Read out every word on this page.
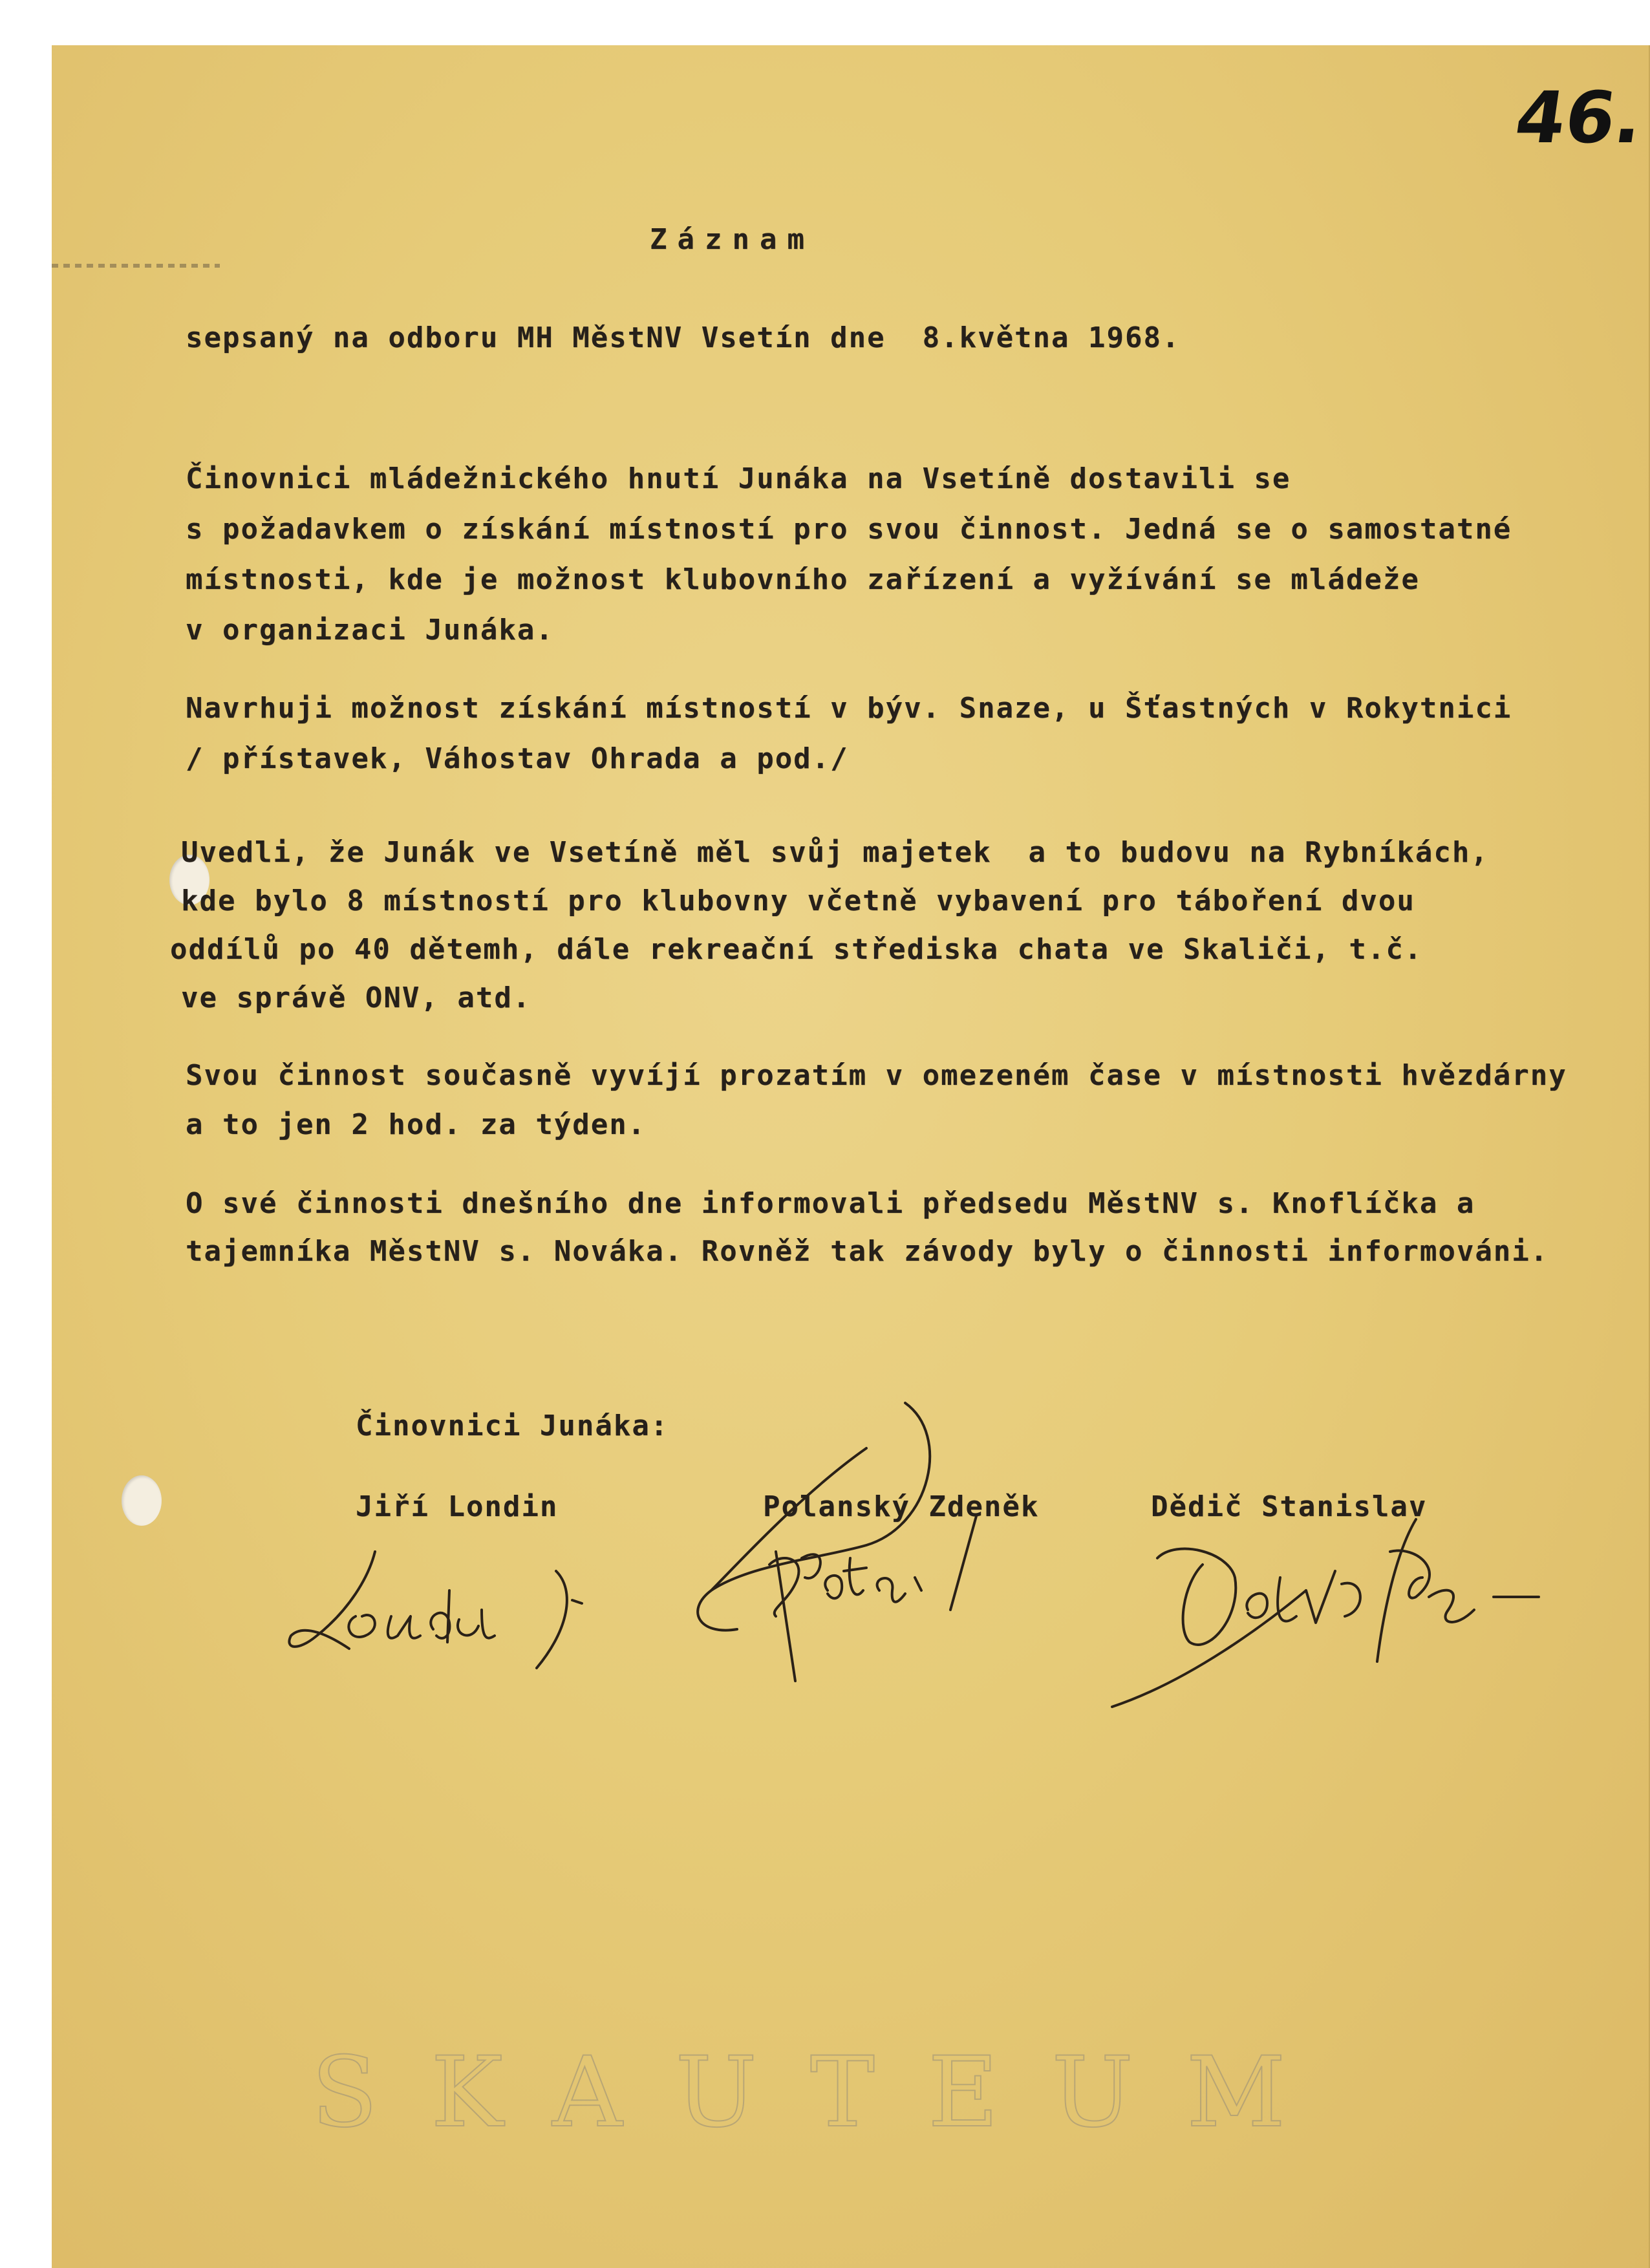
46.
Záznam
sepsaný na odboru MH MěstNV Vsetín dne  8.května 1968.
Činovnici mládežnického hnutí Junáka na Vsetíně dostavili se
s požadavkem o získání místností pro svou činnost. Jedná se o samostatné
místnosti, kde je možnost klubovního zařízení a vyžívání se mládeže
v organizaci Junáka.
Navrhuji možnost získání místností v býv. Snaze, u Šťastných v Rokytnici
/ přístavek, Váhostav Ohrada a pod./
Uvedli, že Junák ve Vsetíně měl svůj majetek  a to budovu na Rybníkách,
kde bylo 8 místností pro klubovny včetně vybavení pro táboření dvou
oddílů po 40 dětemh, dále rekreační střediska chata ve Skaliči, t.č.
ve správě ONV, atd.
Svou činnost současně vyvíjí prozatím v omezeném čase v místnosti hvězdárny
a to jen 2 hod. za týden.
O své činnosti dnešního dne informovali předsedu MěstNV s. Knoflíčka a
tajemníka MěstNV s. Nováka. Rovněž tak závody byly o činnosti informováni.
Činovnici Junáka:
Jiří Londin	Polanský Zdeněk	Dědič Stanislav
SKAUTEUM
